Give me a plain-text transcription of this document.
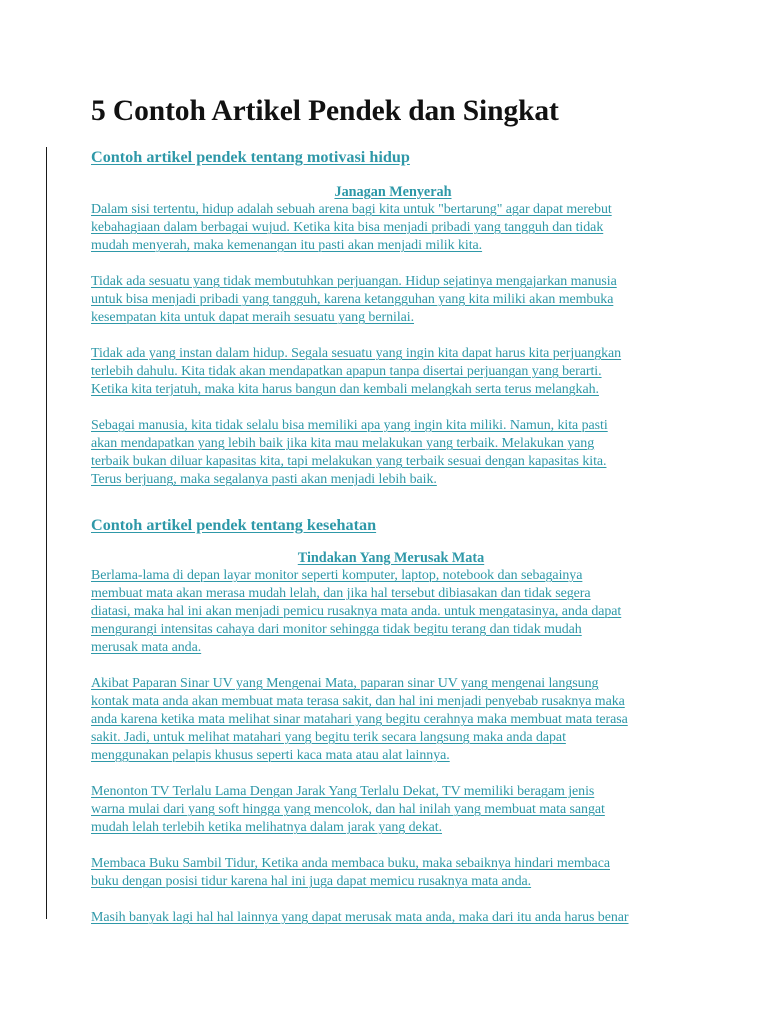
5 Contoh Artikel Pendek dan Singkat
Contoh artikel pendek tentang motivasi hidup
Janagan Menyerah

Dalam sisi tertentu, hidup adalah sebuah arena bagi kita untuk "bertarung" agar dapat merebut
kebahagiaan dalam berbagai wujud. Ketika kita bisa menjadi pribadi yang tangguh dan tidak
mudah menyerah, maka kemenangan itu pasti akan menjadi milik kita.

Tidak ada sesuatu yang tidak membutuhkan perjuangan. Hidup sejatinya mengajarkan manusia
untuk bisa menjadi pribadi yang tangguh, karena ketangguhan yang kita miliki akan membuka
kesempatan kita untuk dapat meraih sesuatu yang bernilai.

Tidak ada yang instan dalam hidup. Segala sesuatu yang ingin kita dapat harus kita perjuangkan
terlebih dahulu. Kita tidak akan mendapatkan apapun tanpa disertai perjuangan yang berarti.
Ketika kita terjatuh, maka kita harus bangun dan kembali melangkah serta terus melangkah.

Sebagai manusia, kita tidak selalu bisa memiliki apa yang ingin kita miliki. Namun, kita pasti
akan mendapatkan yang lebih baik jika kita mau melakukan yang terbaik. Melakukan yang
terbaik bukan diluar kapasitas kita, tapi melakukan yang terbaik sesuai dengan kapasitas kita.
Terus berjuang, maka segalanya pasti akan menjadi lebih baik.

Contoh artikel pendek tentang kesehatan
Tindakan Yang Merusak Mata

Berlama-lama di depan layar monitor seperti komputer, laptop, notebook dan sebagainya
membuat mata akan merasa mudah lelah, dan jika hal tersebut dibiasakan dan tidak segera
diatasi, maka hal ini akan menjadi pemicu rusaknya mata anda. untuk mengatasinya, anda dapat
mengurangi intensitas cahaya dari monitor sehingga tidak begitu terang dan tidak mudah
merusak mata anda.

Akibat Paparan Sinar UV yang Mengenai Mata, paparan sinar UV yang mengenai langsung
kontak mata anda akan membuat mata terasa sakit, dan hal ini menjadi penyebab rusaknya maka
anda karena ketika mata melihat sinar matahari yang begitu cerahnya maka membuat mata terasa
sakit. Jadi, untuk melihat matahari yang begitu terik secara langsung maka anda dapat
menggunakan pelapis khusus seperti kaca mata atau alat lainnya.

Menonton TV Terlalu Lama Dengan Jarak Yang Terlalu Dekat, TV memiliki beragam jenis
warna mulai dari yang soft hingga yang mencolok, dan hal inilah yang membuat mata sangat
mudah lelah terlebih ketika melihatnya dalam jarak yang dekat.

Membaca Buku Sambil Tidur, Ketika anda membaca buku, maka sebaiknya hindari membaca
buku dengan posisi tidur karena hal ini juga dapat memicu rusaknya mata anda.

Masih banyak lagi hal hal lainnya yang dapat merusak mata anda, maka dari itu anda harus benar
